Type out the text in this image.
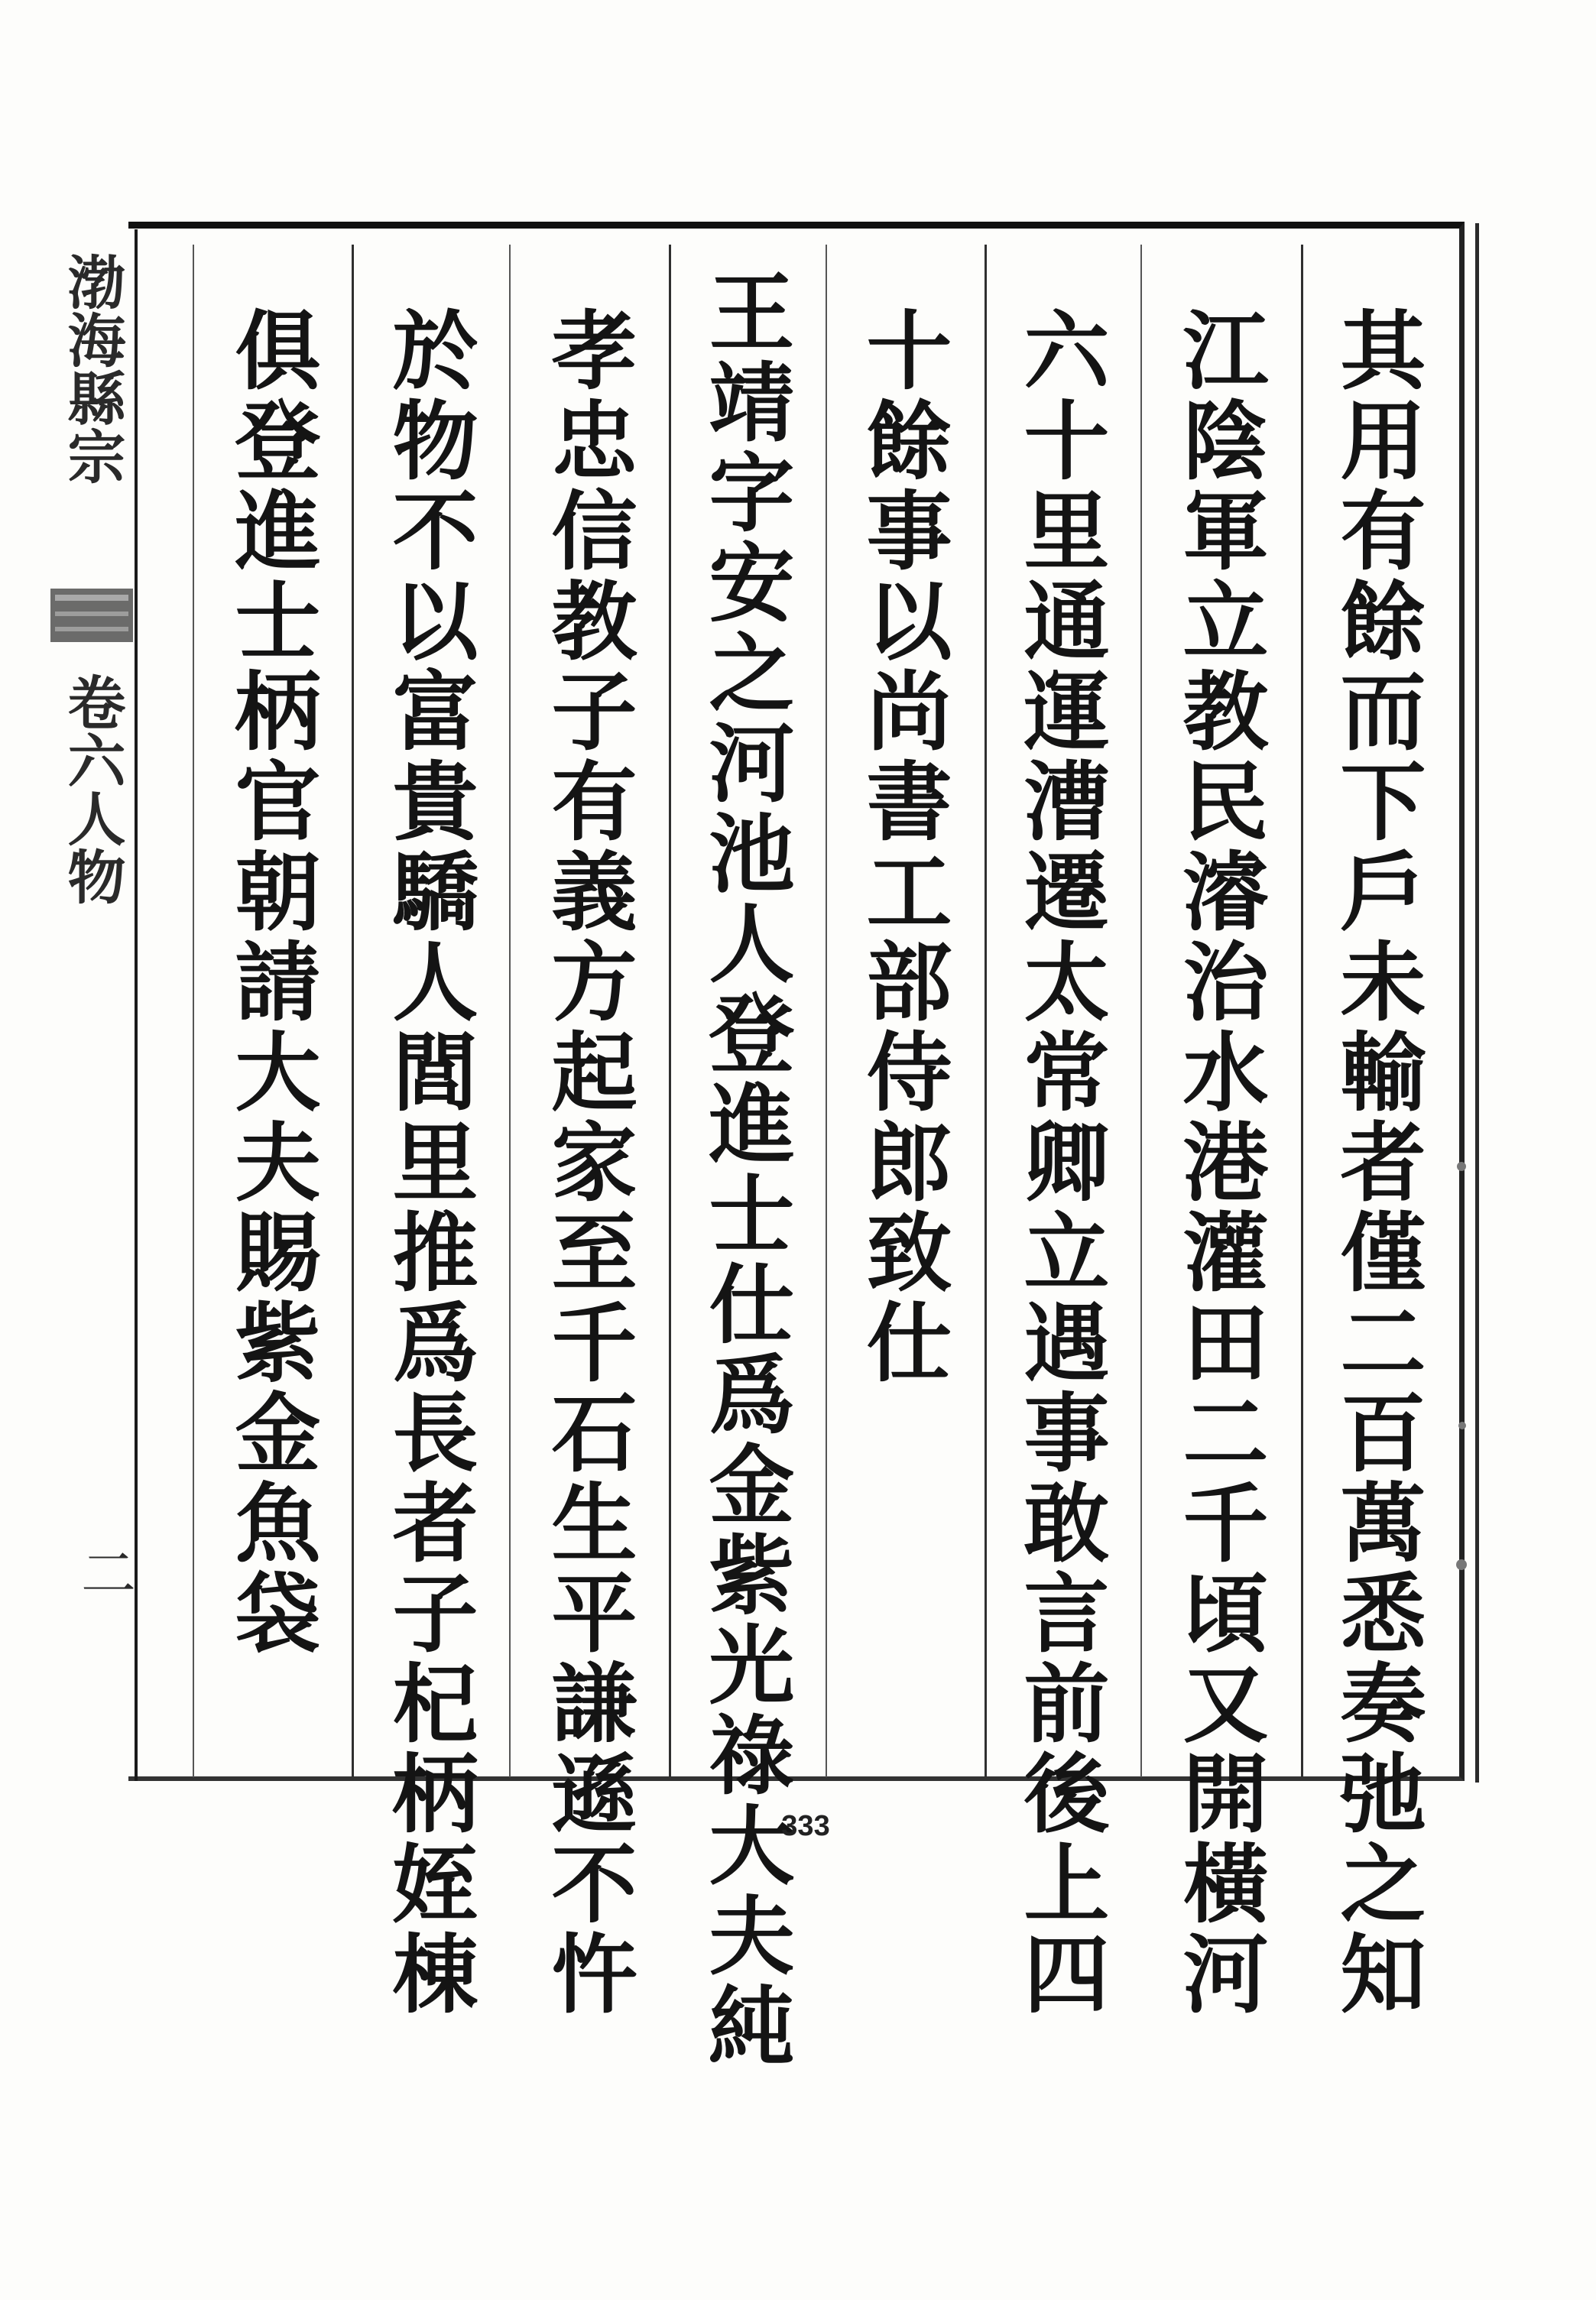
渤海縣宗
卷六人物
二	其用有餘而下戶未輸者僅二百萬悉奏弛之知
江陰軍立教民濬治水港灌田二千頃又開橫河
六十里通運漕遷太常卿立遇事敢言前後上四
十餘事以尚書工部侍郎致仕
王靖字安之河池人登進士仕爲金紫光祿大夫純
孝忠信教子有義方起家至千石生平謙遜不忤
於物不以富貴驕人閭里推爲長者子杞柄姪棟
俱登進士柄官朝請大夫賜紫金魚袋
333
